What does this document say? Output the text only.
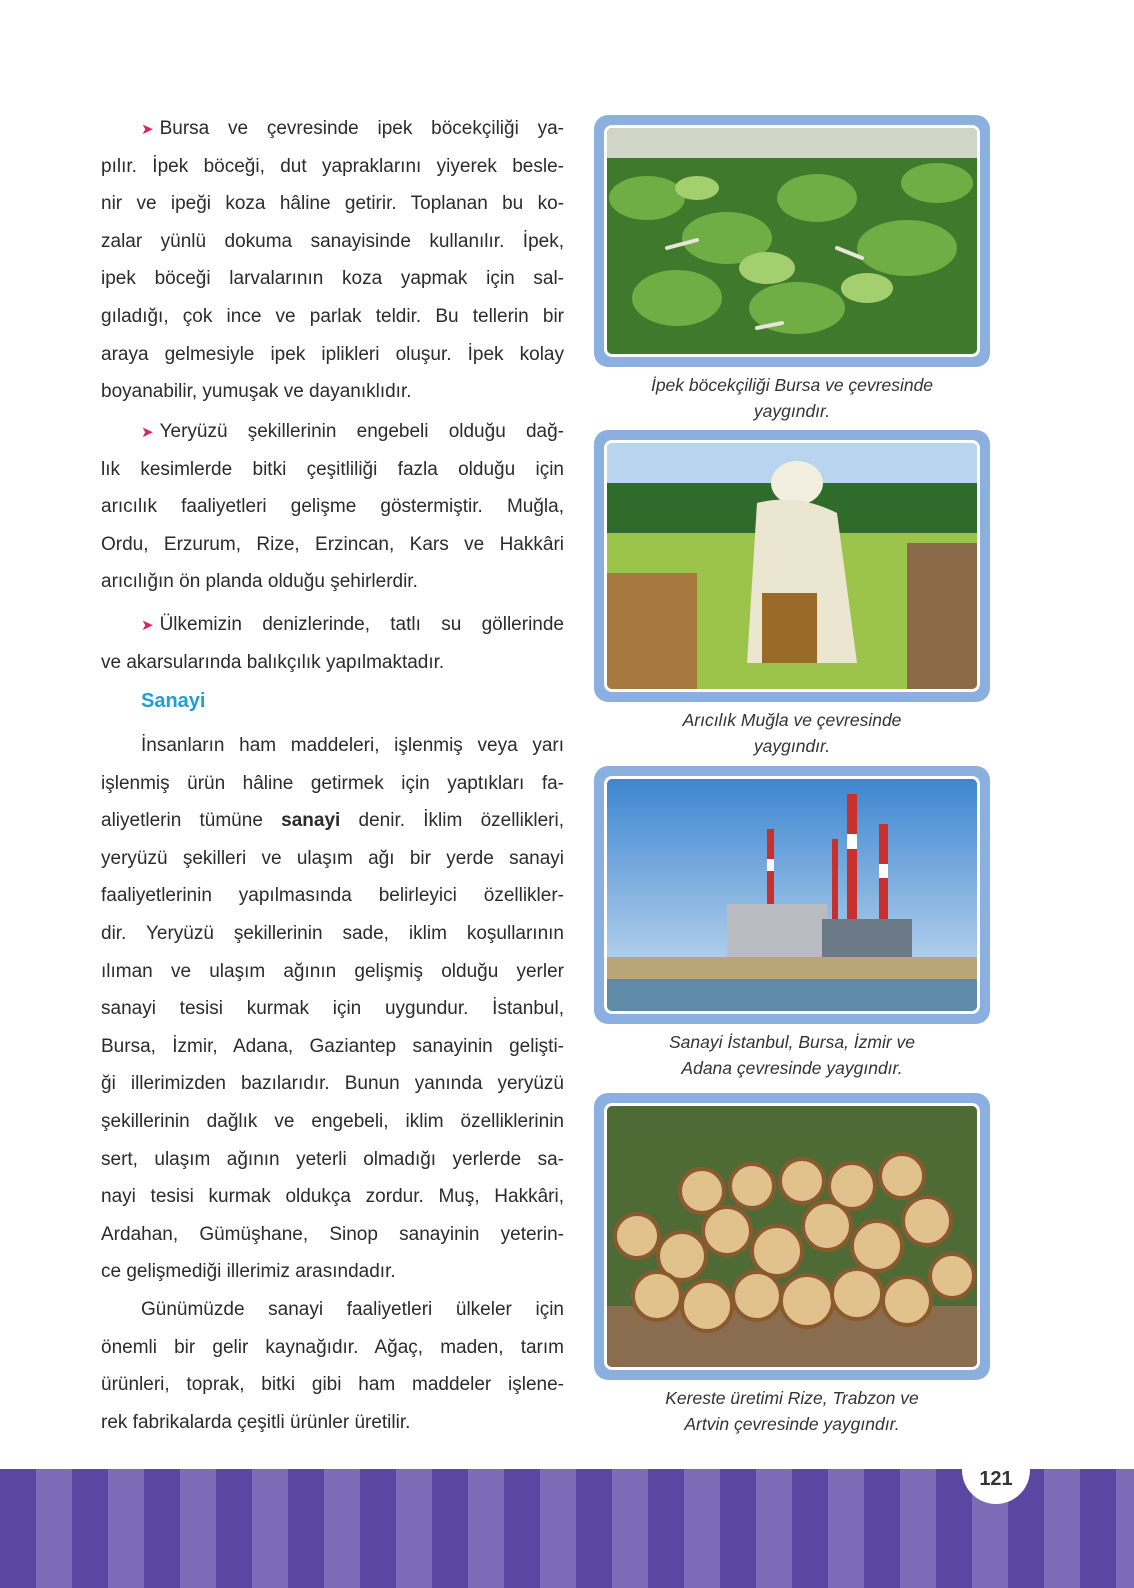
➤ Bursa ve çevresinde ipek böcekçiliği ya-
pılır. İpek böceği, dut yapraklarını yiyerek besle-
nir ve ipeği koza hâline getirir. Toplanan bu ko-
zalar yünlü dokuma sanayisinde kullanılır. İpek,
ipek böceği larvalarının koza yapmak için sal-
gıladığı, çok ince ve parlak teldir. Bu tellerin bir
araya gelmesiyle ipek iplikleri oluşur. İpek kolay
boyanabilir, yumuşak ve dayanıklıdır.
➤ Yeryüzü şekillerinin engebeli olduğu dağ-
lık kesimlerde bitki çeşitliliği fazla olduğu için
arıcılık faaliyetleri gelişme göstermiştir. Muğla,
Ordu, Erzurum, Rize, Erzincan, Kars ve Hakkâri
arıcılığın ön planda olduğu şehirlerdir.
➤ Ülkemizin denizlerinde, tatlı su göllerinde
ve akarsularında balıkçılık yapılmaktadır.
İnsanların ham maddeleri, işlenmiş veya yarı
işlenmiş ürün hâline getirmek için yaptıkları fa-
aliyetlerin tümüne sanayi denir. İklim özellikleri,
yeryüzü şekilleri ve ulaşım ağı bir yerde sanayi
faaliyetlerinin yapılmasında belirleyici özellikler-
dir. Yeryüzü şekillerinin sade, iklim koşullarının
ılıman ve ulaşım ağının gelişmiş olduğu yerler
sanayi tesisi kurmak için uygundur. İstanbul,
Bursa, İzmir, Adana, Gaziantep sanayinin gelişti-
ği illerimizden bazılarıdır. Bunun yanında yeryüzü
şekillerinin dağlık ve engebeli, iklim özelliklerinin
sert, ulaşım ağının yeterli olmadığı yerlerde sa-
nayi tesisi kurmak oldukça zordur. Muş, Hakkâri,
Ardahan, Gümüşhane, Sinop sanayinin yeterin-
ce gelişmediği illerimiz arasındadır.
Günümüzde sanayi faaliyetleri ülkeler için
önemli bir gelir kaynağıdır. Ağaç, maden, tarım
ürünleri, toprak, bitki gibi ham maddeler işlene-
rek fabrikalarda çeşitli ürünler üretilir.
Sanayi
İpek böcekçiliği Bursa ve çevresinde
yaygındır.
Arıcılık Muğla ve çevresinde
yaygındır.
Sanayi İstanbul, Bursa, İzmir ve
Adana çevresinde yaygındır.
Kereste üretimi Rize, Trabzon ve
Artvin çevresinde yaygındır.
121
